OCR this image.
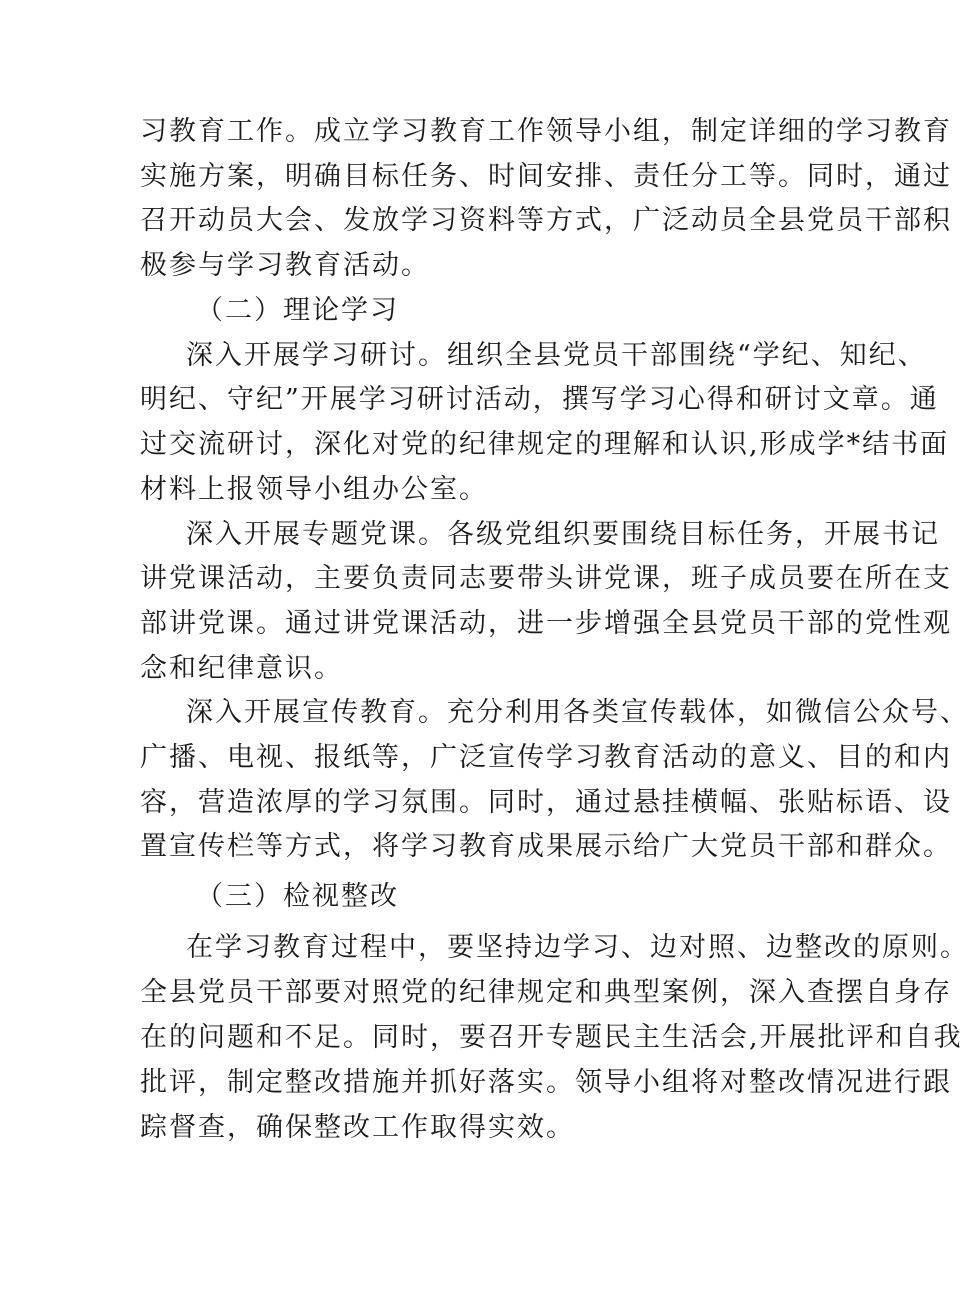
习教育工作。成立学习教育工作领导小组，制定详细的学习教育
实施方案，明确目标任务、时间安排、责任分工等。同时，通过
召开动员大会、发放学习资料等方式，广泛动员全县党员干部积
极参与学习教育活动。
（二）理论学习
深入开展学习研讨。组织全县党员干部围绕“学纪、知纪、
明纪、守纪”开展学习研讨活动，撰写学习心得和研讨文章。通
过交流研讨，深化对党的纪律规定的理解和认识,形成学*结书面
材料上报领导小组办公室。
深入开展专题党课。各级党组织要围绕目标任务，开展书记
讲党课活动，主要负责同志要带头讲党课，班子成员要在所在支
部讲党课。通过讲党课活动，进一步增强全县党员干部的党性观
念和纪律意识。
深入开展宣传教育。充分利用各类宣传载体，如微信公众号、
广播、电视、报纸等，广泛宣传学习教育活动的意义、目的和内
容，营造浓厚的学习氛围。同时，通过悬挂横幅、张贴标语、设
置宣传栏等方式，将学习教育成果展示给广大党员干部和群众。
（三）检视整改
在学习教育过程中，要坚持边学习、边对照、边整改的原则。
全县党员干部要对照党的纪律规定和典型案例，深入查摆自身存
在的问题和不足。同时，要召开专题民主生活会,开展批评和自我
批评，制定整改措施并抓好落实。领导小组将对整改情况进行跟
踪督查，确保整改工作取得实效。
